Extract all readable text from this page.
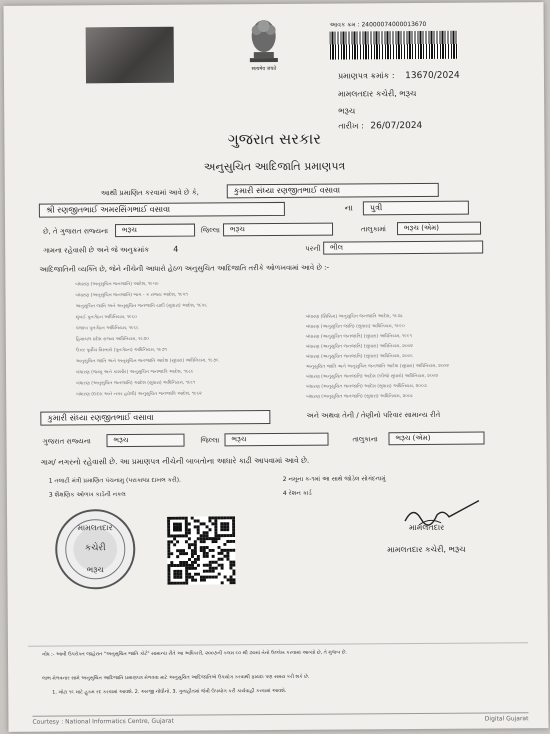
सत्यमेव जयते
આવક ક્રમ : 24000074000013670
પ્રમાણપત્ર ક્રમાંક : 13670/2024
મામલતદાર કચેરી, ભરૂચ
ભરૂચ
તારીખ : 26/07/2024
ગુજરાત સરકાર
અનુસુચિત આદિજાતિ પ્રમાણપત્ર
આથી પ્રમાણિત કરવામાં આવે છે કે,	કુમારી સંધ્યા રણજીતભાઈ વસાવા
શ્રી રણજીતભાઈ અમરસિંગભાઈ વસાવા	ના	પુત્રી
છે, તે ગુજરાત રાજ્યના	ભરૂચ	જિલ્લા	ભરૂચ	તાલુકામાં	ભરૂચ (એમ)
ગામના રહેવાસી છે અને જે અનુક્રમાંક	4	પરની	ભીલ
આદિજાતિની વ્યક્તિ છે, જેને નીચેની આધારો હેઠળ અનુસુચિત આદિજાતિ તરીકે ઓળખવામાં આવે છે :-
કુમારી સંધ્યા રણજીતભાઈ વસાવા	અને અથવા તેની / તેણીનો પરિવાર સામાન્ય રીતે
ગુજરાત રાજ્યના	ભરૂચ	જિલ્લા	ભરૂચ	તાલુકાના	ભરૂચ (એમ)
ગામ/ નગરનો રહેવાસી છે. આ પ્રમાણપત્ર નીચેની બાબતોના આધારે કાઢી આપવામાં આવે છે.
1 તલાટી મંત્રી પ્રમાણિત પંચનામુ (પરાકાષ્ઠા દાખલ કરી).	2 નમૂના ક-૧માં આ સાથે જોડેલ સોગંદનામું
3 શૈક્ષણિક ઓળખ કાર્ડની નકલ	4 રેશન કાર્ડ
મામલતદાર
કચેરી
ભરૂચ
મામલતદાર
મામલતદાર કચેરી, ભરૂચ
નોંધ :- આવી ઉપરોક્ત જાહેરાત "અનુસુચિત જાતિ કોર્ટ" સામાન્ય રીતે આ અધિકારી, ૨૦૦૭ની કલમ ૬૦ થી ૭૦માં તેનો ઉલ્લેખ કરવામાં આવ્યો છે, તે મુજબ છે.
લાભ મેળવનાર સામે અનુસુચિત આદિજાતિ પ્રમાણપત્ર મેળવવા માટે અનુસુચિત આદિજાતિએ ઉપયોગ કરવાથી ફાયદા પણ સમય કરી શકે છે.
1. ખોટા ૧૬ માટે હુકમ રદ કરવામાં આવશે. 2. અરજી નોંધીનો. 3. ગુનાહીતમાં જેવી ઉપયોગ કરી કાર્યવાહી કરવામાં આવશે.
Courtesy : National Informatics Centre, Gujarat	Digital Gujarat
બંધારણ (અનુસુચિત જનજાતિ) આદેશ, ૧૯૫૦
બંધારણ (અનુસુચિત જનજાતિ) ભાગ - ક રાજ્ય આદેશ, ૧૯૫૧
અનુસુચિત જાતિ અને અનુસુચિત જનજાતિ યાદી (સુધારા) આદેશ, ૧૯૫૬
મુંબઈ પુનર્ગઠન અધિનિયમ, ૧૯૬૦
પંજાબ પુનર્ગઠન અધિનિયમ, ૧૯૬૬
હિમાચલ પ્રદેશ રાજ્ય અધિનિયમ, ૧૯૭૦
ઉત્તર પૂર્વીય વિસ્તારો (પુનર્ગઠન) અધિનિયમ, ૧૯૭૧
અનુસુચિત જાતિ અને અનુસુચિત જનજાતિ આદેશ (સુધારા) અધિનિયમ, ૧૯૭૬
બંધારણ (જમ્મુ અને કાશ્મીર) અનુસુચિત જનજાતિ આદેશ, ૧૯૮૯
બંધારણ (અનુસુચિત જનજાતિ) આદેશ (સુધારા) અધિનિયમ, ૧૯૯૧
બંધારણ (દાદરા અને નગર હવેલી) અનુસુચિત જનજાતિ આદેશ, ૧૯૬૨
બંધારણ (સિક્કિમ) અનુસુચિત જનજાતિ આદેશ, ૧૯૭૮
બંધારણ (અનુસુચિત જાતિ) (સુધારા) અધિનિયમ, ૧૯૯૦
બંધારણ (અનુસુચિત જનજાતિ) (સુધારા) અધિનિયમ, ૧૯૯૧
બંધારણ (અનુસુચિત જનજાતિ) (સુધારા) અધિનિયમ, ૨૦૦૨
બંધારણ (અનુસુચિત જનજાતિ) (સુધારા) અધિનિયમ, ૨૦૦૬
અનુસુચિત જાતિ અને અનુસુચિત જનજાતિ આદેશ (સુધારા) અધિનિયમ, ૨૦૦૨
બંધારણ (અનુસુચિત જનજાતિ) આદેશ (બીજો સુધારો) અધિનિયમ, ૨૦૦૨
બંધારણ (અનુસુચિત જનજાતિ) આદેશ (સુધારા) અધિનિયમ, ૨૦૦૩
બંધારણ (અનુસુચિત જનજાતિ) (સુધારા) અધિનિયમ, ૨૦૦૮
